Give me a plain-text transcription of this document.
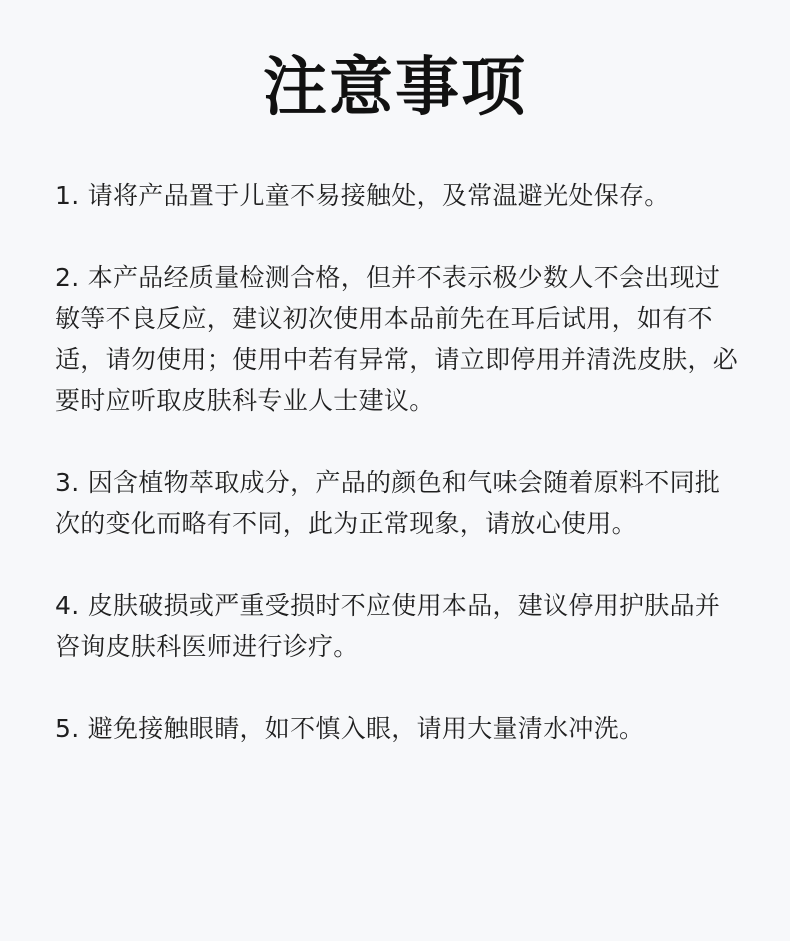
注意事项
1. 请将产品置于儿童不易接触处，及常温避光处保存。
2. 本产品经质量检测合格，但并不表示极少数人不会出现过敏等不良反应，建议初次使用本品前先在耳后试用，如有不适，请勿使用；使用中若有异常，请立即停用并清洗皮肤，必要时应听取皮肤科专业人士建议。
3. 因含植物萃取成分，产品的颜色和气味会随着原料不同批次的变化而略有不同，此为正常现象，请放心使用。
4. 皮肤破损或严重受损时不应使用本品，建议停用护肤品并咨询皮肤科医师进行诊疗。
5. 避免接触眼睛，如不慎入眼，请用大量清水冲洗。
